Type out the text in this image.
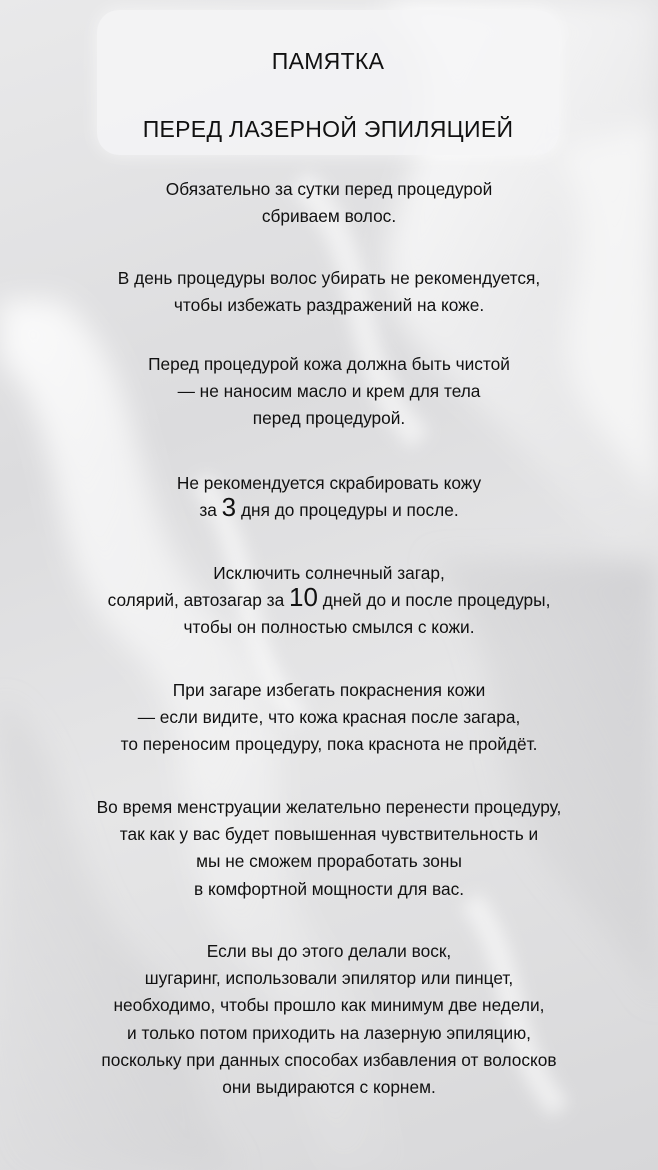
ПАМЯТКА
ПЕРЕД ЛАЗЕРНОЙ ЭПИЛЯЦИЕЙ
Обязательно за сутки перед процедурой
сбриваем волос.
В день процедуры волос убирать не рекомендуется,
чтобы избежать раздражений на коже.
Перед процедурой кожа должна быть чистой
— не наносим масло и крем для тела
перед процедурой.
Не рекомендуется скрабировать кожу
за 3 дня до процедуры и после.
Исключить солнечный загар,
солярий, автозагар за 10 дней до и после процедуры,
чтобы он полностью смылся с кожи.
При загаре избегать покраснения кожи
— если видите, что кожа красная после загара,
то переносим процедуру, пока краснота не пройдёт.
Во время менструации желательно перенести процедуру,
так как у вас будет повышенная чувствительность и
мы не сможем проработать зоны
в комфортной мощности для вас.
Если вы до этого делали воск,
шугаринг, использовали эпилятор или пинцет,
необходимо, чтобы прошло как минимум две недели,
и только потом приходить на лазерную эпиляцию,
поскольку при данных способах избавления от волосков
они выдираются с корнем.
